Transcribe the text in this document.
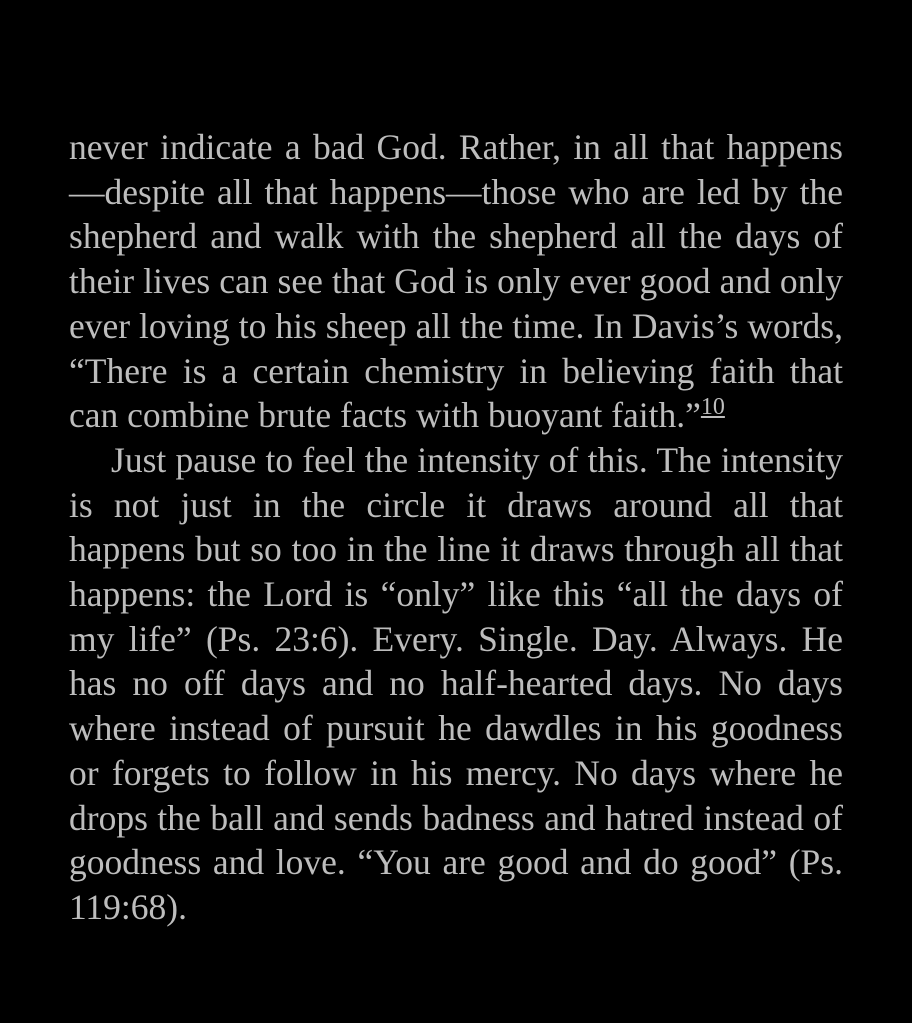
never indicate a bad God. Rather, in all that happens—despite all that happens—those who are led by the shepherd and walk with the shepherd all the days of their lives can see that God is only ever good and only ever loving to his sheep all the time. In Davis’s words, “There is a certain chemistry in believing faith that can combine brute facts with buoyant faith.”$^{10}$

Just pause to feel the intensity of this. The intensity is not just in the circle it draws around all that happens but so too in the line it draws through all that happens: the Lord is “only” like this “all the days of my life” (Ps. 23:6). Every. Single. Day. Always. He has no off days and no half-hearted days. No days where instead of pursuit he dawdles in his goodness or forgets to follow in his mercy. No days where he drops the ball and sends badness and hatred instead of goodness and love. “You are good and do good” (Ps. 119:68).
